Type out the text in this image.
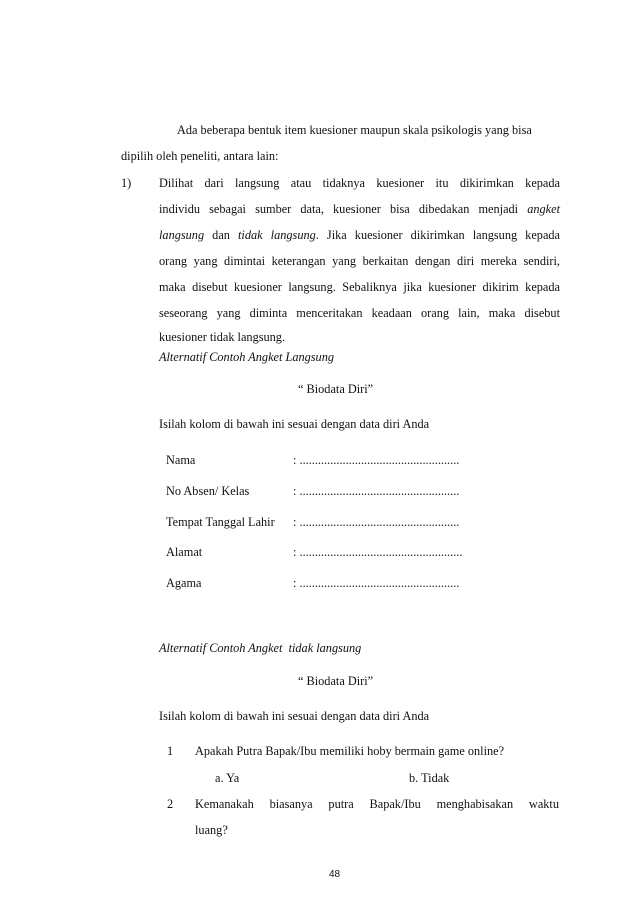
Ada beberapa bentuk item kuesioner maupun skala psikologis yang bisa
dipilih oleh peneliti, antara lain:
1) Dilihat dari langsung atau tidaknya kuesioner itu dikirimkan kepada
individu sebagai sumber data, kuesioner bisa dibedakan menjadi angket
langsung dan tidak langsung. Jika kuesioner dikirimkan langsung kepada
orang yang dimintai keterangan yang berkaitan dengan diri mereka sendiri,
maka disebut kuesioner langsung. Sebaliknya jika kuesioner dikirim kepada
seseorang yang diminta menceritakan keadaan orang lain, maka disebut
kuesioner tidak langsung.
Alternatif Contoh Angket Langsung
“ Biodata Diri”
Isilah kolom di bawah ini sesuai dengan data diri Anda
Nama	: ....................................................
No Absen/ Kelas	: ....................................................
Tempat Tanggal Lahir : ....................................................
Alamat	: .....................................................
Agama	: ....................................................
Alternatif Contoh Angket tidak langsung
“ Biodata Diri”
Isilah kolom di bawah ini sesuai dengan data diri Anda
1 Apakah Putra Bapak/Ibu memiliki hoby bermain game online?
a. Ya	b. Tidak
2 Kemanakah biasanya putra Bapak/Ibu menghabisakan waktu
luang?
48
